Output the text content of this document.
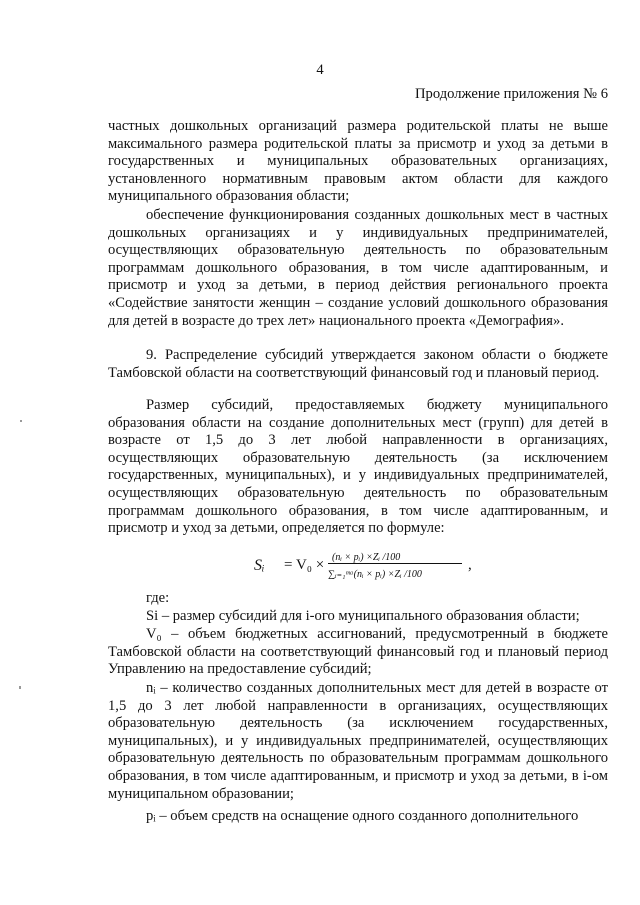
4
Продолжение приложения № 6

частных дошкольных организаций размера родительской платы не выше максимального размера родительской платы за присмотр и уход за детьми в государственных и муниципальных образовательных организациях, установленного нормативным правовым актом области для каждого муниципального образования области;

обеспечение функционирования созданных дошкольных мест в частных дошкольных организациях и у индивидуальных предпринимателей, осуществляющих образовательную деятельность по образовательным программам дошкольного образования, в том числе адаптированным, и присмотр и уход за детьми, в период действия регионального проекта «Содействие занятости женщин – создание условий дошкольного образования для детей в возрасте до трех лет» национального проекта «Демография».

9. Распределение субсидий утверждается законом области о бюджете Тамбовской области на соответствующий финансовый год и плановый период.

Размер субсидий, предоставляемых бюджету муниципального образования области на создание дополнительных мест (групп) для детей в возрасте от 1,5 до 3 лет любой направленности в организациях, осуществляющих образовательную деятельность (за исключением государственных, муниципальных), и у индивидуальных предпринимателей, осуществляющих образовательную деятельность по образовательным программам дошкольного образования, в том числе адаптированным, и присмотр и уход за детьми, определяется по формуле:

Sᵢ = V₀ × (nᵢ × pᵢ) ×Zᵢ /100
∑ᵢ₌₁ᵐᵃ(nᵢ × pᵢ) ×Zᵢ /100
,

где:

Si – размер субсидий для i-ого муниципального образования области;

V₀ – объем бюджетных ассигнований, предусмотренный в бюджете Тамбовской области на соответствующий финансовый год и плановый период Управлению на предоставление субсидий;

nᵢ – количество созданных дополнительных мест для детей в возрасте от 1,5 до 3 лет любой направленности в организациях, осуществляющих образовательную деятельность (за исключением государственных, муниципальных), и у индивидуальных предпринимателей, осуществляющих образовательную деятельность по образовательным программам дошкольного образования, в том числе адаптированным, и присмотр и уход за детьми, в i-ом муниципальном образовании;

pᵢ – объем средств на оснащение одного созданного дополнительного
